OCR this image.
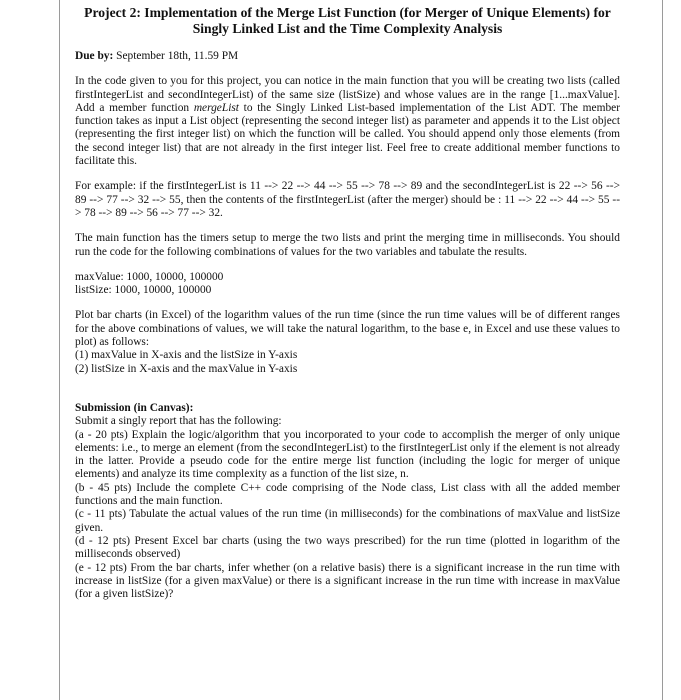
Project 2: Implementation of the Merge List Function (for Merger of Unique Elements) for Singly Linked List and the Time Complexity Analysis

Due by: September 18th, 11.59 PM

In the code given to you for this project, you can notice in the main function that you will be creating two lists (called firstIntegerList and secondIntegerList) of the same size (listSize) and whose values are in the range [1...maxValue]. Add a member function mergeList to the Singly Linked List-based implementation of the List ADT. The member function takes as input a List object (representing the second integer list) as parameter and appends it to the List object (representing the first integer list) on which the function will be called. You should append only those elements (from the second integer list) that are not already in the first integer list. Feel free to create additional member functions to facilitate this.

For example: if the firstIntegerList is 11 --> 22 --> 44 --> 55 --> 78 --> 89 and the secondIntegerList is 22 --> 56 --> 89 --> 77 --> 32 --> 55, then the contents of the firstIntegerList (after the merger) should be : 11 --> 22 --> 44 --> 55 --> 78 --> 89 --> 56 --> 77 --> 32.

The main function has the timers setup to merge the two lists and print the merging time in milliseconds. You should run the code for the following combinations of values for the two variables and tabulate the results.

maxValue: 1000, 10000, 100000
listSize: 1000, 10000, 100000

Plot bar charts (in Excel) of the logarithm values of the run time (since the run time values will be of different ranges for the above combinations of values, we will take the natural logarithm, to the base e, in Excel and use these values to plot) as follows:
(1) maxValue in X-axis and the listSize in Y-axis
(2) listSize in X-axis and the maxValue in Y-axis

Submission (in Canvas):
Submit a singly report that has the following:
(a - 20 pts) Explain the logic/algorithm that you incorporated to your code to accomplish the merger of only unique elements: i.e., to merge an element (from the secondIntegerList) to the firstIntegerList only if the element is not already in the latter. Provide a pseudo code for the entire merge list function (including the logic for merger of unique elements) and analyze its time complexity as a function of the list size, n.
(b - 45 pts) Include the complete C++ code comprising of the Node class, List class with all the added member functions and the main function.
(c - 11 pts) Tabulate the actual values of the run time (in milliseconds) for the combinations of maxValue and listSize given.
(d - 12 pts) Present Excel bar charts (using the two ways prescribed) for the run time (plotted in logarithm of the milliseconds observed)
(e - 12 pts) From the bar charts, infer whether (on a relative basis) there is a significant increase in the run time with increase in listSize (for a given maxValue) or there is a significant increase in the run time with increase in maxValue (for a given listSize)?
